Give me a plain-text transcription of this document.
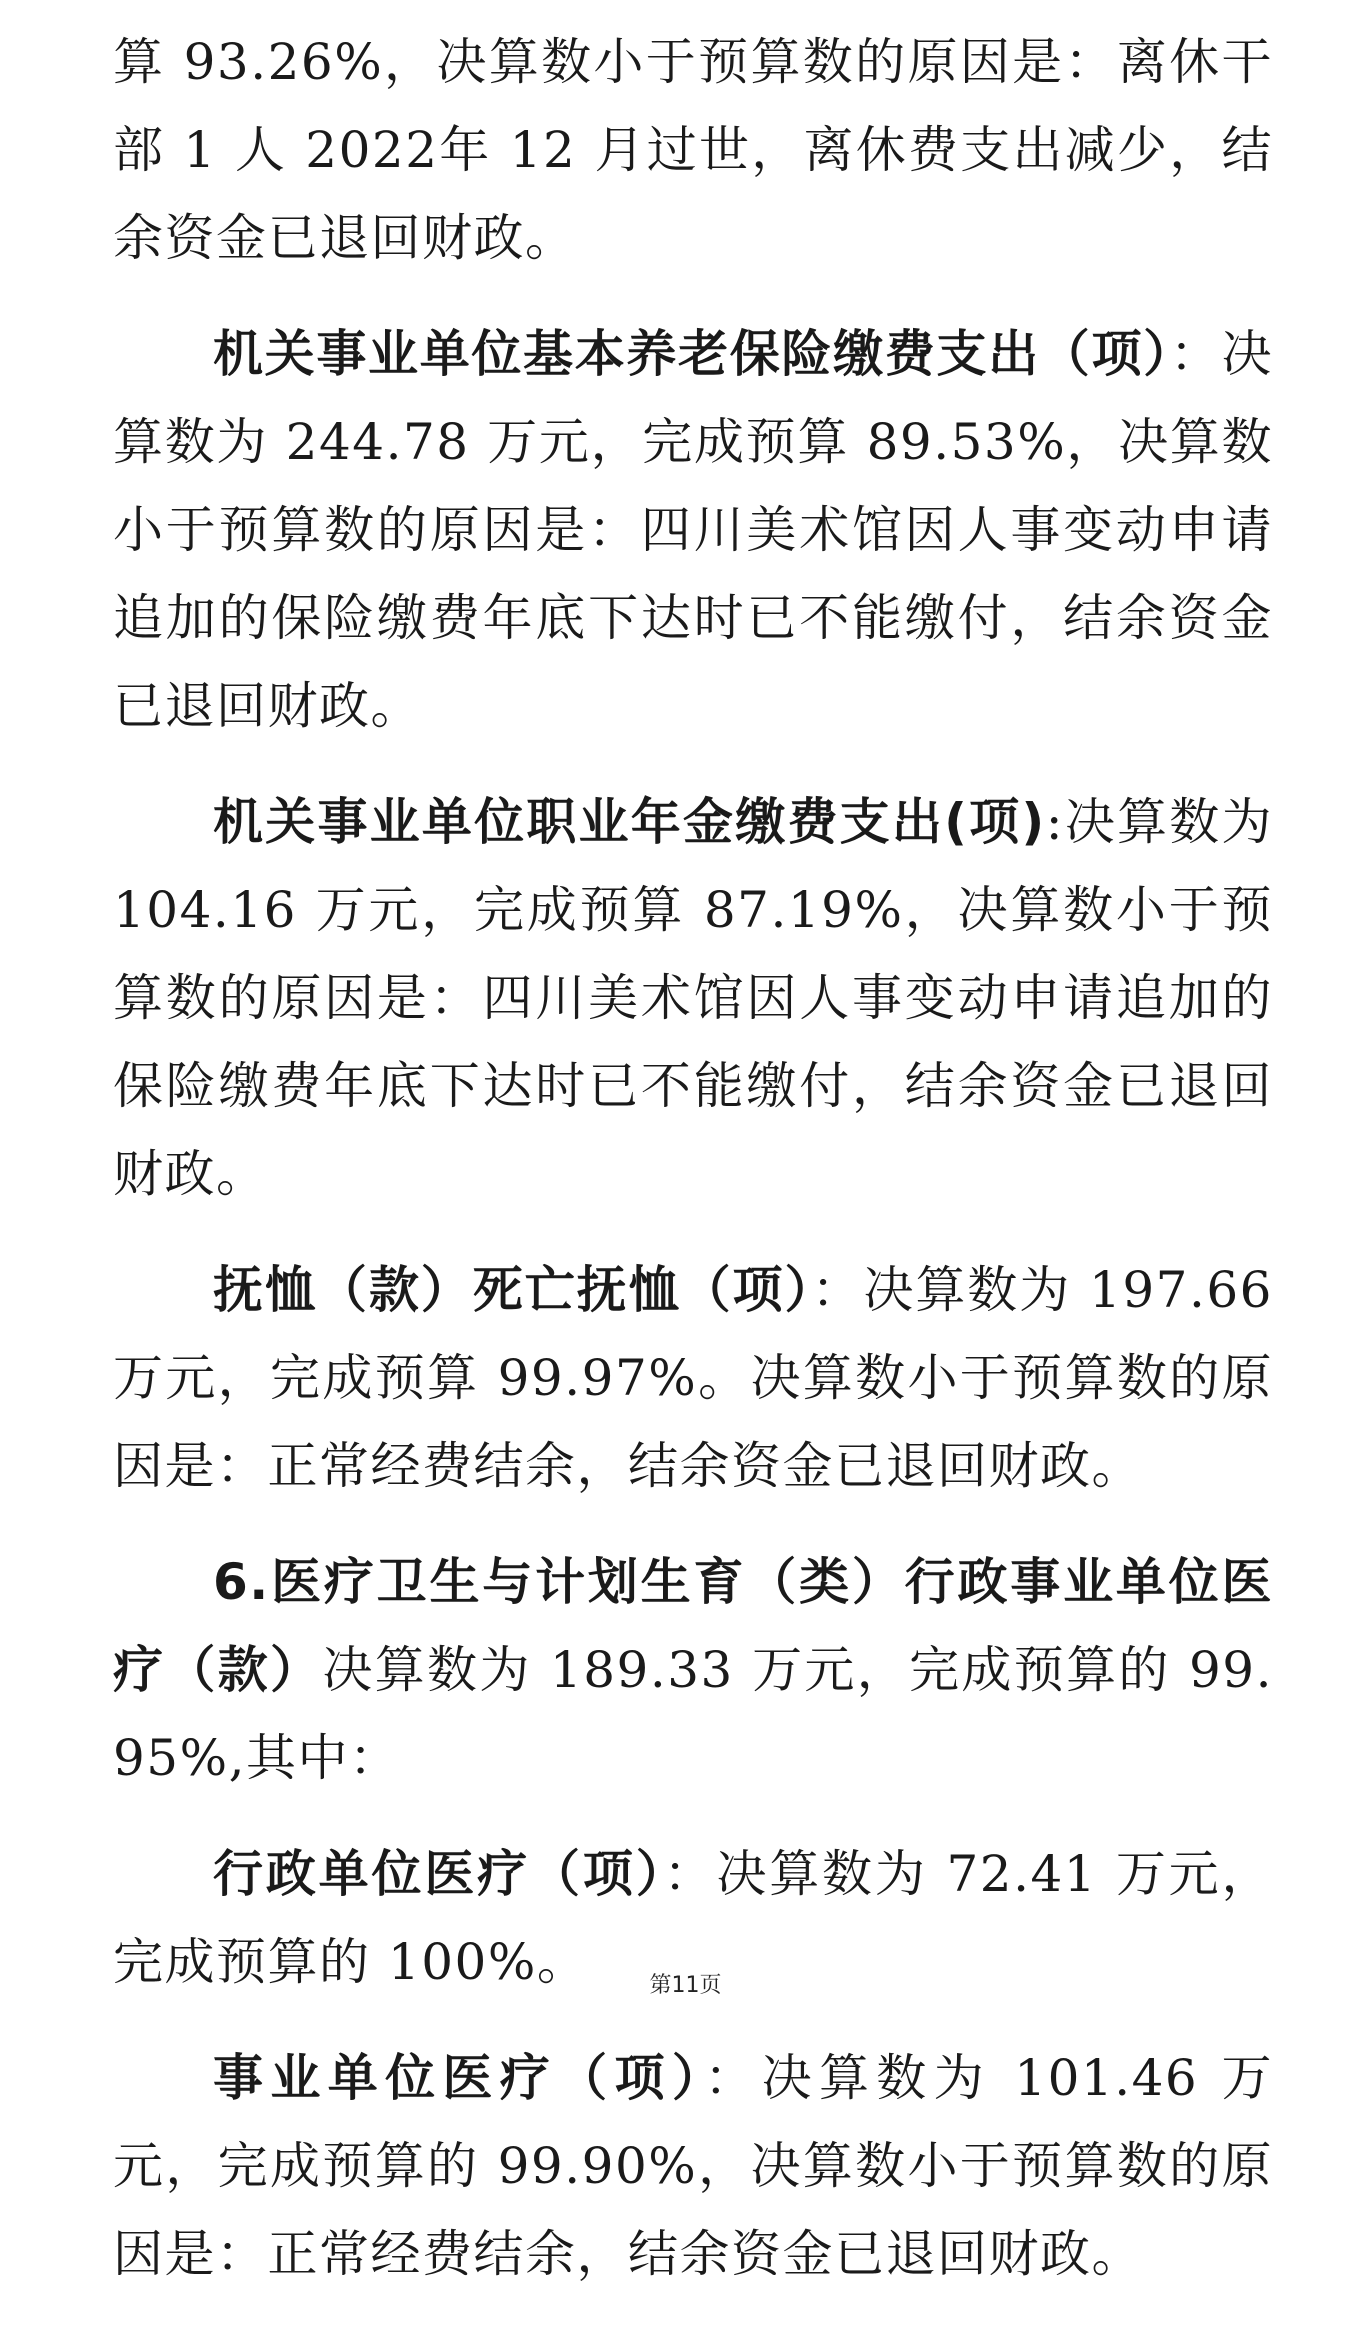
算 93.26%，决算数小于预算数的原因是：离休干部 1 人 2022年 12 月过世，离休费支出减少，结余资金已退回财政。

机关事业单位基本养老保险缴费支出（项）：决算数为 244.78 万元，完成预算 89.53%，决算数小于预算数的原因是：四川美术馆因人事变动申请追加的保险缴费年底下达时已不能缴付，结余资金已退回财政。

机关事业单位职业年金缴费支出(项):决算数为 104.16 万元，完成预算 87.19%，决算数小于预算数的原因是：四川美术馆因人事变动申请追加的保险缴费年底下达时已不能缴付，结余资金已退回财政。

抚恤（款）死亡抚恤（项）：决算数为 197.66 万元，完成预算 99.97%。决算数小于预算数的原因是：正常经费结余，结余资金已退回财政。

6.医疗卫生与计划生育（类）行政事业单位医疗（款）决算数为 189.33 万元，完成预算的 99.95%,其中：

行政单位医疗（项）：决算数为 72.41 万元，完成预算的 100%。

事业单位医疗（项）：决算数为 101.46 万元，完成预算的 99.90%，决算数小于预算数的原因是：正常经费结余，结余资金已退回财政。

第11页
